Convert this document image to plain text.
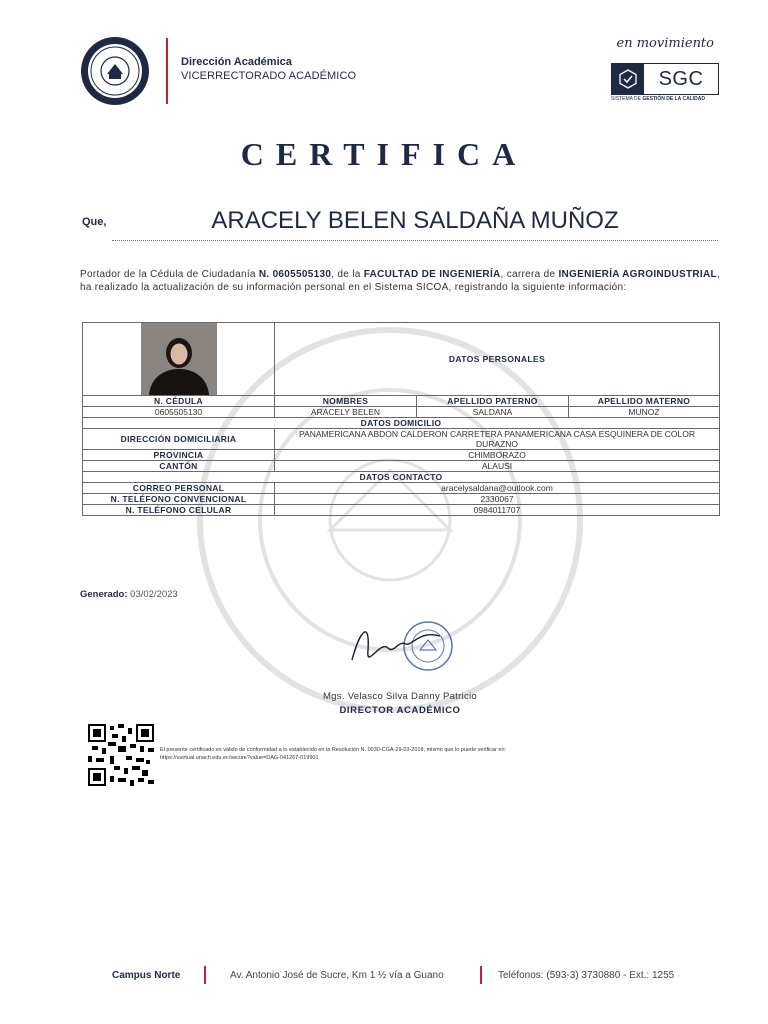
Dirección Académica
VICERRECTORADO ACADÉMICO
en movimiento
SGC
SISTEMA DE GESTIÓN DE LA CALIDAD
CERTIFICA
Que,	ARACELY BELEN SALDAÑA MUÑOZ
Portador de la Cédula de Ciudadanía N. 0605505130, de la FACULTAD DE INGENIERÍA, carrera de INGENIERÍA AGROINDUSTRIAL, ha realizado la actualización de su información personal en el Sistema SICOA, registrando la siguiente información:
	DATOS PERSONALES		
N. CÉDULA	NOMBRES	APELLIDO PATERNO	APELLIDO MATERNO
0605505130	ARACELY BELEN	SALDANA	MUNOZ
DATOS DOMICILIO			
DIRECCIÓN DOMICILIARIA	PANAMERICANA ABDON CALDERON CARRETERA PANAMERICANA CASA ESQUINERA DE COLOR DURAZNO		
PROVINCIA	CHIMBORAZO		
CANTÓN	ALAUSI		
DATOS CONTACTO			
CORREO PERSONAL	aracelysaldana@outlook.com		
N. TELÉFONO CONVENCIONAL	2330067		
N. TELÉFONO CELULAR	0984011707		
Generado: 03/02/2023
Mgs. Velasco Silva Danny Patricio
DIRECTOR ACADÉMICO
El presente certificado es válido de conformidad a lo establecido en la Resolución N. 0030-CGA-29-03-2018, mismo que lo puede verificar en:
https://uvirtual.unach.edu.ec/secure?value=DAG-041267-019901
Campus Norte	Av. Antonio José de Sucre, Km 1 ½ vía a Guano	Teléfonos: (593-3) 3730880 - Ext.: 1255
